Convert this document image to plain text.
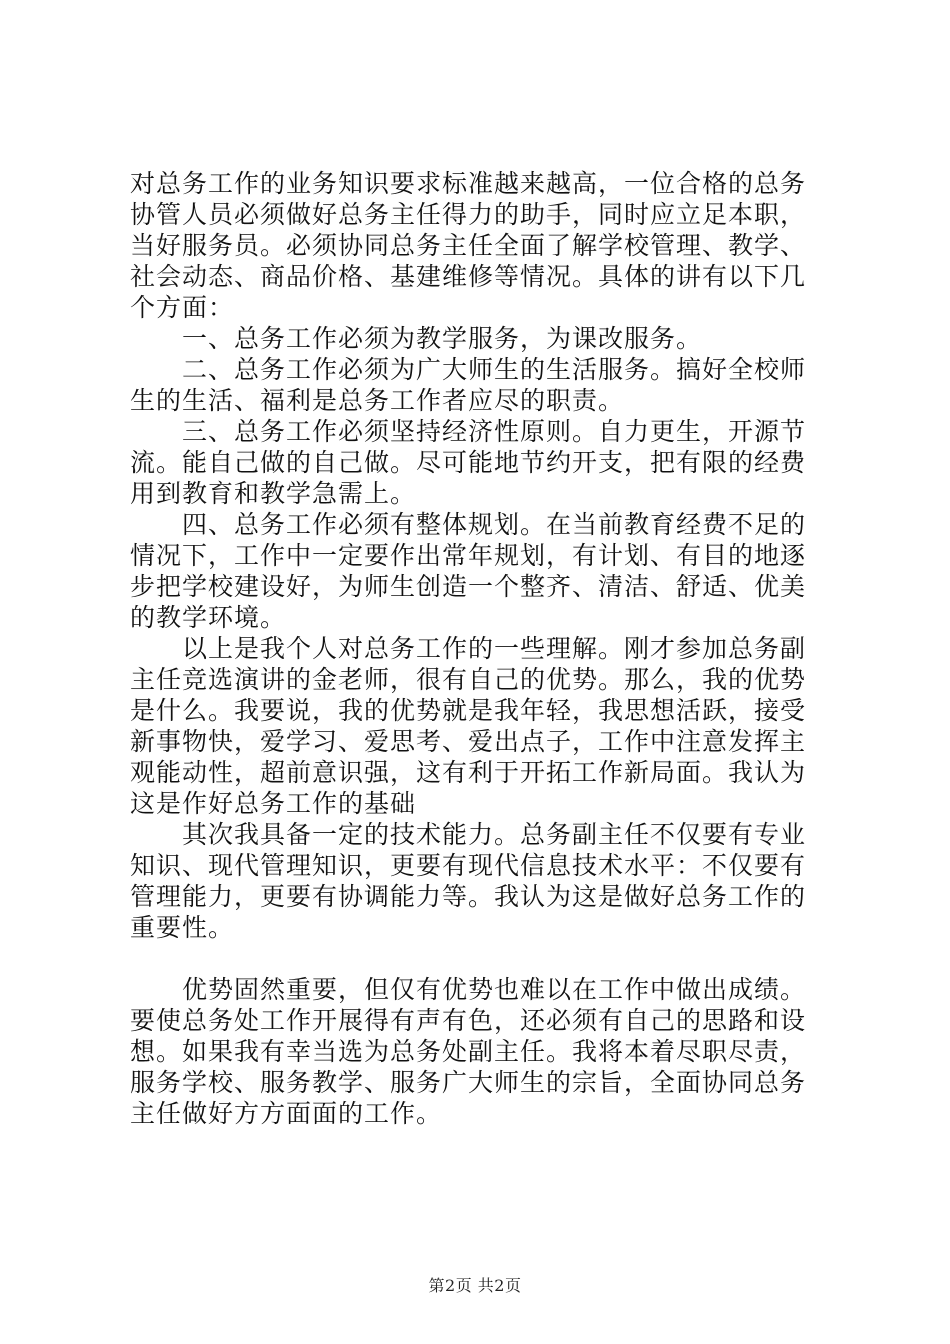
对总务工作的业务知识要求标准越来越高，一位合格的总务协管人员必须做好总务主任得力的助手，同时应立足本职，当好服务员。必须协同总务主任全面了解学校管理、教学、社会动态、商品价格、基建维修等情况。具体的讲有以下几个方面：

一、总务工作必须为教学服务，为课改服务。

二、总务工作必须为广大师生的生活服务。搞好全校师生的生活、福利是总务工作者应尽的职责。

三、总务工作必须坚持经济性原则。自力更生，开源节流。能自己做的自己做。尽可能地节约开支，把有限的经费用到教育和教学急需上。

四、总务工作必须有整体规划。在当前教育经费不足的情况下，工作中一定要作出常年规划，有计划、有目的地逐步把学校建设好，为师生创造一个整齐、清洁、舒适、优美的教学环境。

以上是我个人对总务工作的一些理解。刚才参加总务副主任竞选演讲的金老师，很有自己的优势。那么，我的优势是什么。我要说，我的优势就是我年轻，我思想活跃，接受新事物快，爱学习、爱思考、爱出点子，工作中注意发挥主观能动性，超前意识强，这有利于开拓工作新局面。我认为这是作好总务工作的基础

其次我具备一定的技术能力。总务副主任不仅要有专业知识、现代管理知识，更要有现代信息技术水平：不仅要有管理能力，更要有协调能力等。我认为这是做好总务工作的重要性。

优势固然重要，但仅有优势也难以在工作中做出成绩。要使总务处工作开展得有声有色，还必须有自己的思路和设想。如果我有幸当选为总务处副主任。我将本着尽职尽责，服务学校、服务教学、服务广大师生的宗旨，全面协同总务主任做好方方面面的工作。

第2页 共2页
